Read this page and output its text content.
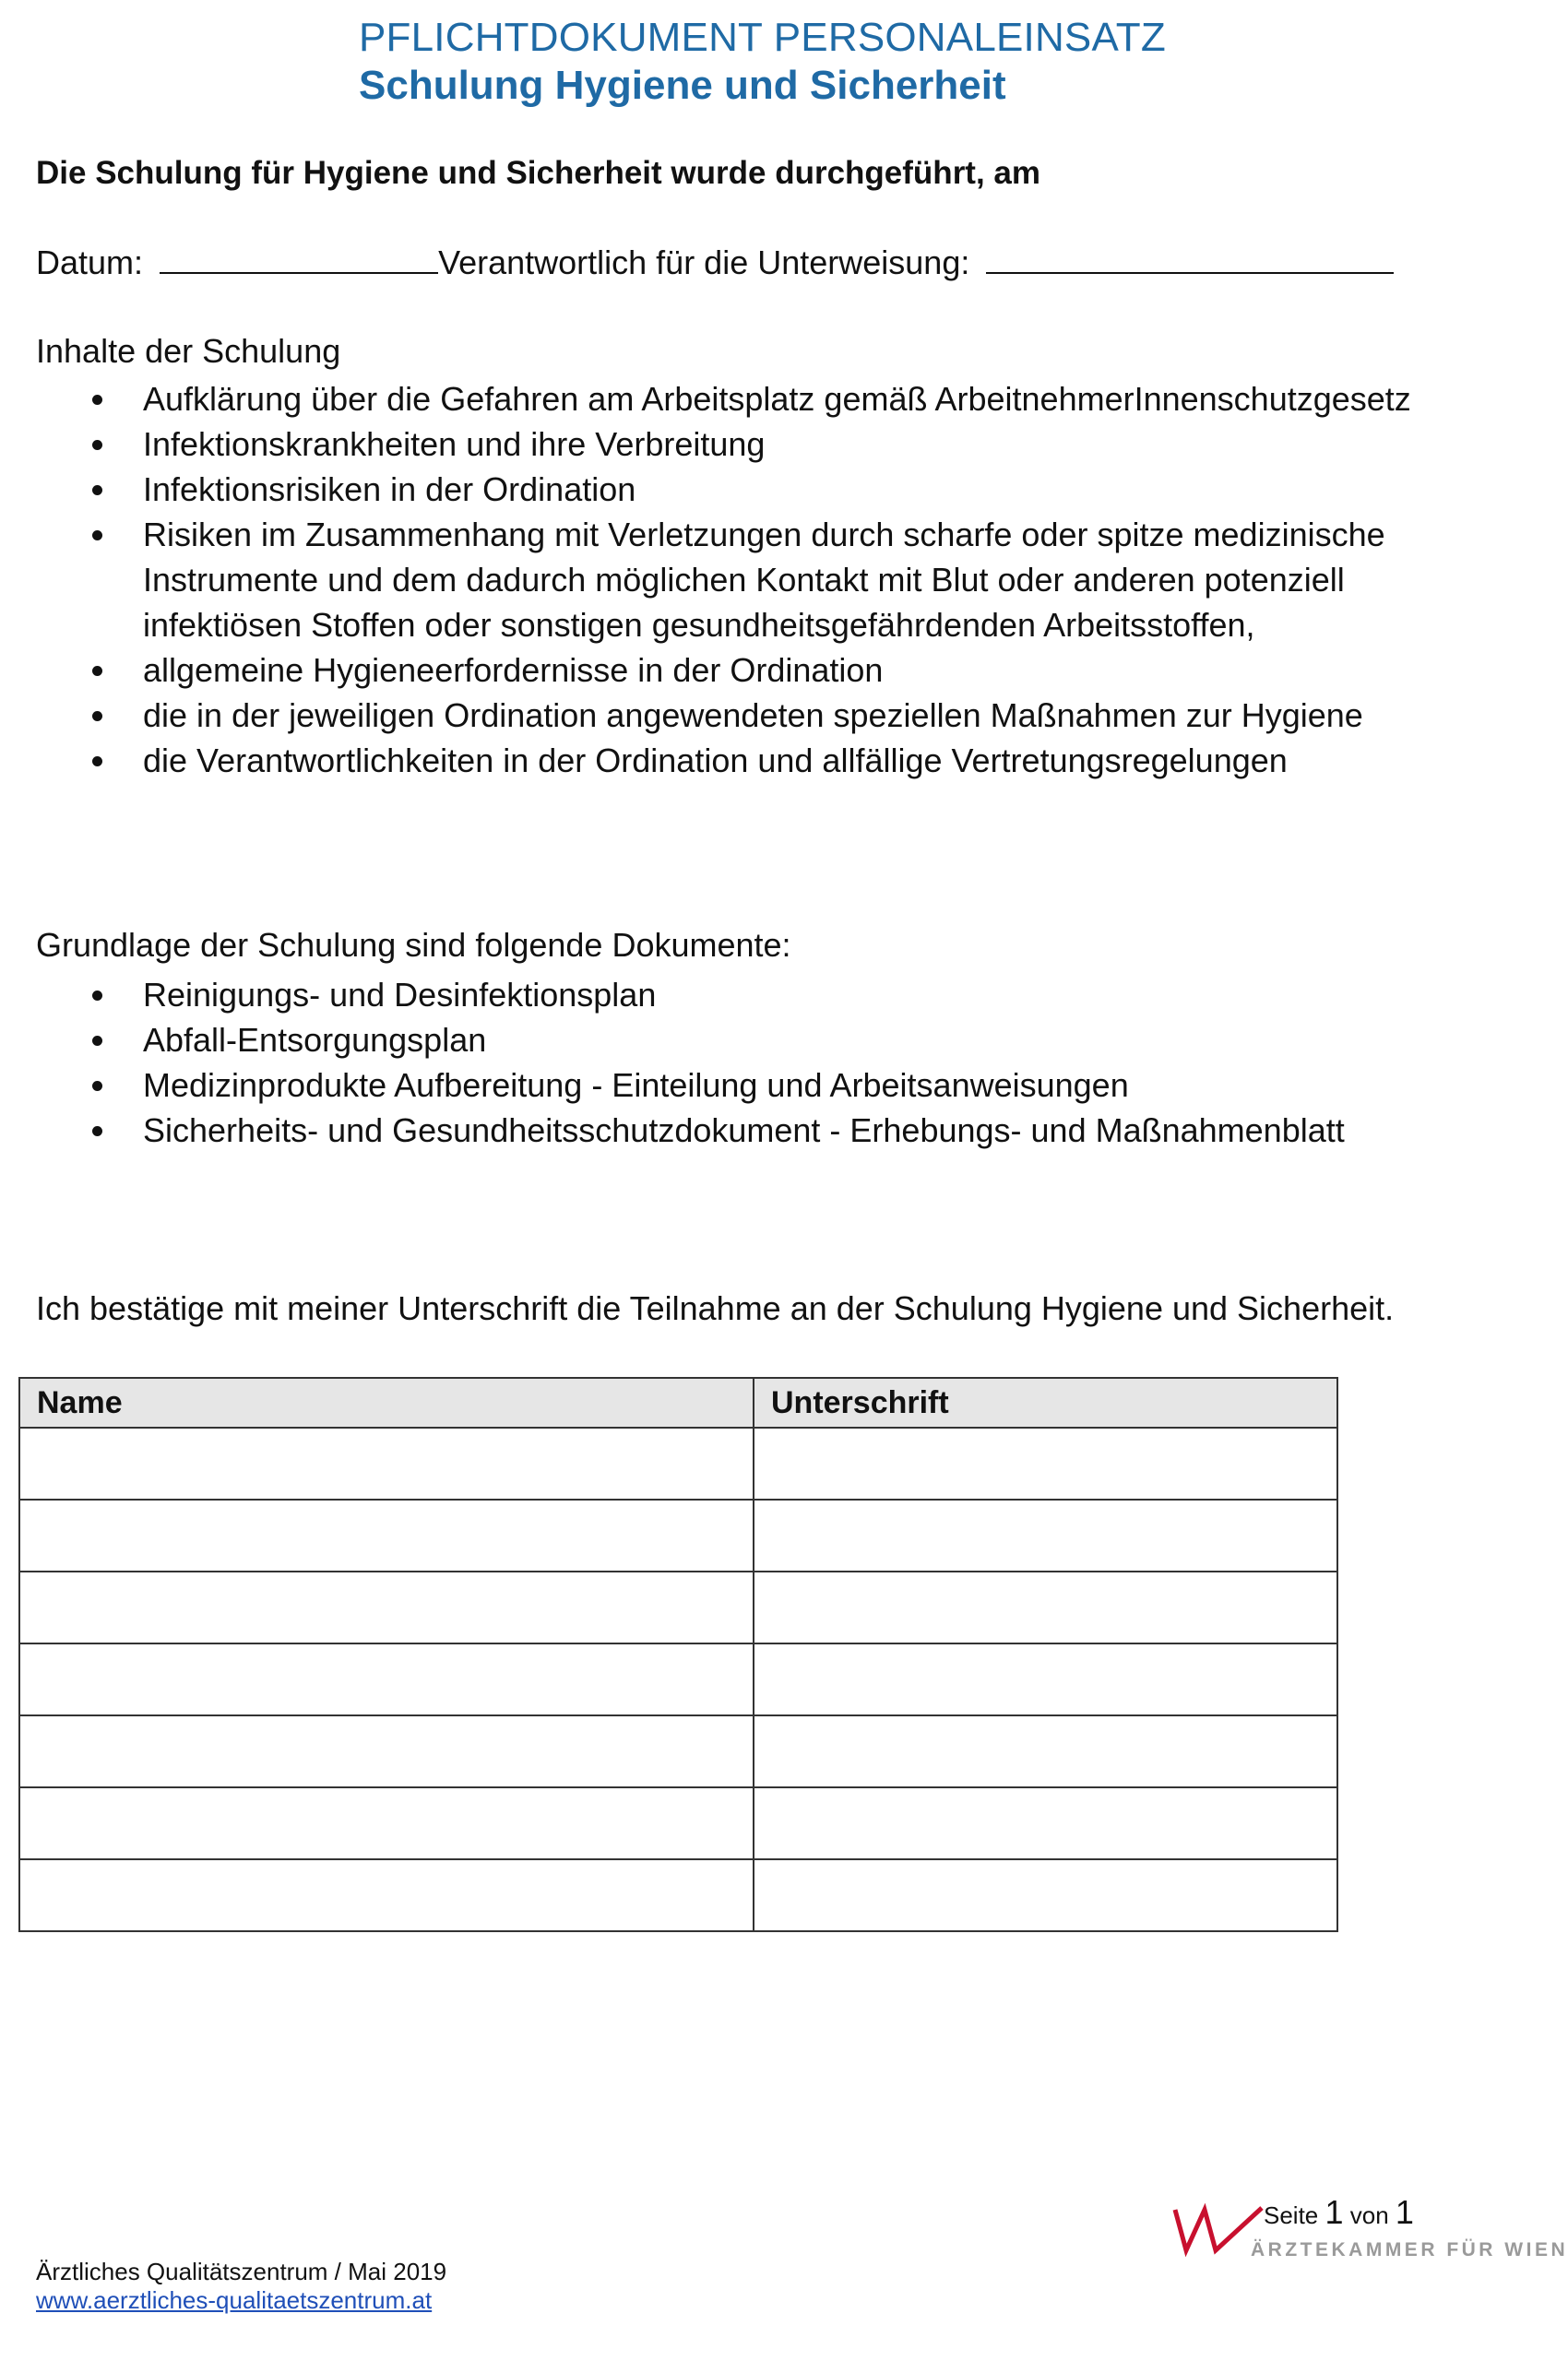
PFLICHTDOKUMENT PERSONALEINSATZ
Schulung Hygiene und Sicherheit
Die Schulung für Hygiene und Sicherheit wurde durchgeführt, am
Datum:	Verantwortlich für die Unterweisung:
Inhalte der Schulung
Aufklärung über die Gefahren am Arbeitsplatz gemäß ArbeitnehmerInnenschutzgesetz
Infektionskrankheiten und ihre Verbreitung
Infektionsrisiken in der Ordination
Risiken im Zusammenhang mit Verletzungen durch scharfe oder spitze medizinische Instrumente und dem dadurch möglichen Kontakt mit Blut oder anderen potenziell infektiösen Stoffen oder sonstigen gesundheitsgefährdenden Arbeitsstoffen,
allgemeine Hygieneerfordernisse in der Ordination
die in der jeweiligen Ordination angewendeten speziellen Maßnahmen zur Hygiene
die Verantwortlichkeiten in der Ordination und allfällige Vertretungsregelungen
Grundlage der Schulung sind folgende Dokumente:
Reinigungs- und Desinfektionsplan
Abfall-Entsorgungsplan
Medizinprodukte Aufbereitung - Einteilung und Arbeitsanweisungen
Sicherheits- und Gesundheitsschutzdokument - Erhebungs- und Maßnahmenblatt
Ich bestätige mit meiner Unterschrift die Teilnahme an der Schulung Hygiene und Sicherheit.
Name	Unterschrift

Seite 1 von 1
ÄRZTEKAMMER FÜR WIEN
Ärztliches Qualitätszentrum / Mai 2019
www.aerztliches-qualitaetszentrum.at
